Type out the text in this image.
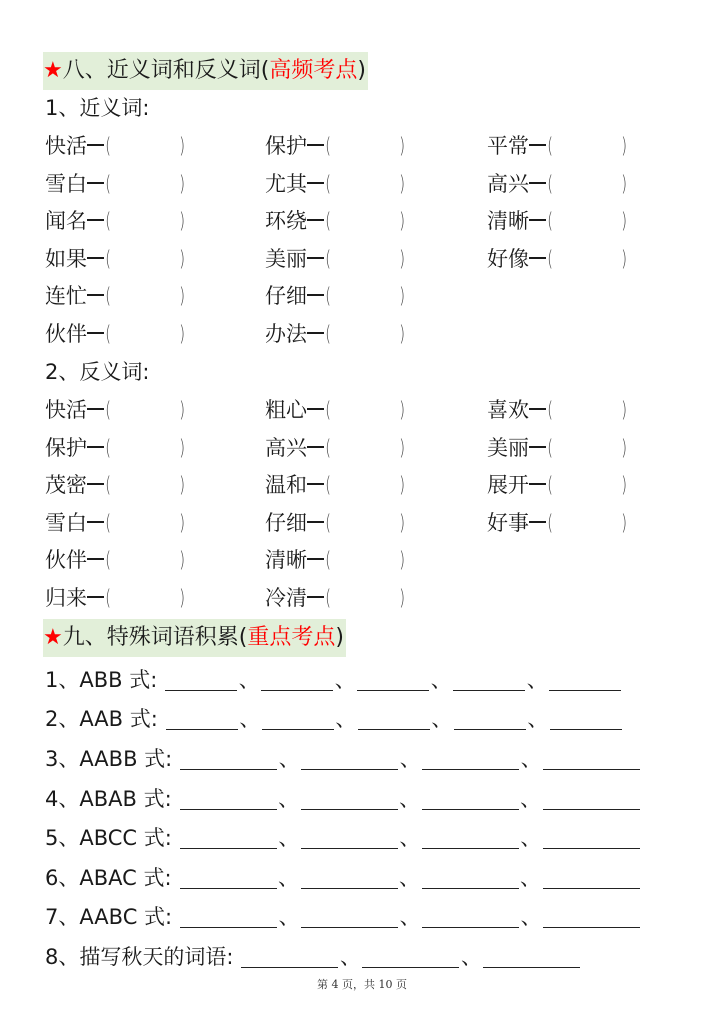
★八、近义词和反义词(高频考点)
1、近义词:
快活 (	)	保护 (	)	平常 (	)
雪白 (	)	尤其 (	)	高兴 (	)
闻名 (	)	环绕 (	)	清晰 (	)
如果 (	)	美丽 (	)	好像 (	)
连忙 (	)	仔细 (	)
伙伴 (	)	办法 (	)
2、反义词:
快活 (	)	粗心 (	)	喜欢 (	)
保护 (	)	高兴 (	)	美丽 (	)
茂密 (	)	温和 (	)	展开 (	)
雪白 (	)	仔细 (	)	好事 (	)
伙伴 (	)	清晰 (	)
归来 (	)	冷清 (	)
★九、特殊词语积累(重点考点)
1、ABB 式:	、	、	、	、
2、AAB 式:	、	、	、	、
3、AABB 式:	、	、	、
4、ABAB 式:	、	、	、
5、ABCC 式:	、	、	、
6、ABAC 式:	、	、	、
7、AABC 式:	、	、	、
8、描写秋天的词语:	、	、
第 4 页，共 10 页
